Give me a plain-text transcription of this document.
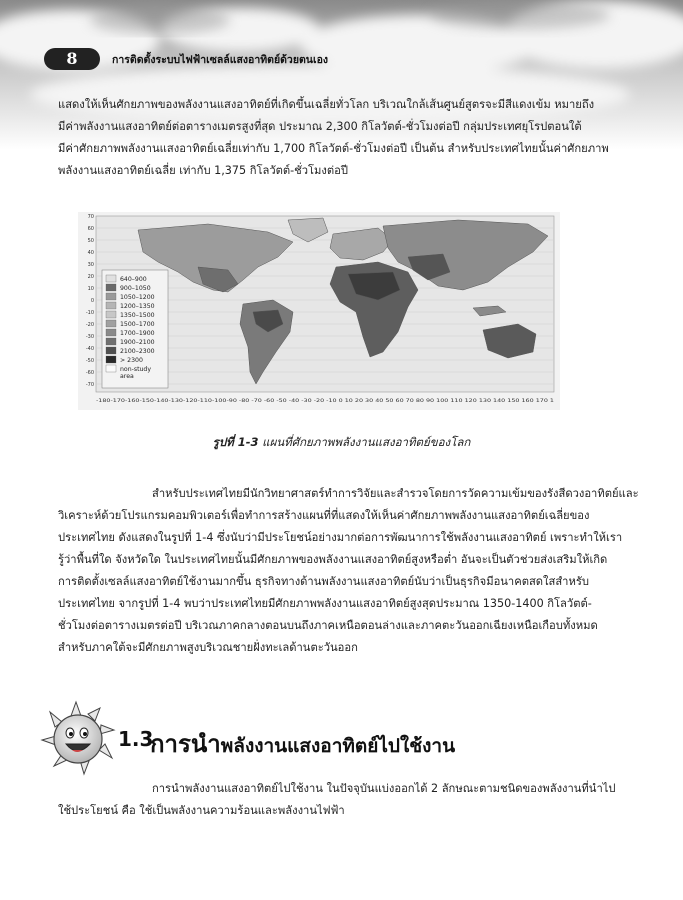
8	การติดตั้งระบบไฟฟ้าเซลล์แสงอาทิตย์ด้วยตนเอง
แสดงให้เห็นศักยภาพของพลังงานแสงอาทิตย์ที่เกิดขึ้นเฉลี่ยทั่วโลก บริเวณใกล้เส้นศูนย์สูตรจะมีสีแดงเข้ม หมายถึง
มีค่าพลังงานแสงอาทิตย์ต่อตารางเมตรสูงที่สุด ประมาณ 2,300 กิโลวัตต์-ชั่วโมงต่อปี กลุ่มประเทศยุโรปตอนใต้
มีค่าศักยภาพพลังงานแสงอาทิตย์เฉลี่ยเท่ากับ 1,700 กิโลวัตต์-ชั่วโมงต่อปี เป็นต้น สำหรับประเทศไทยนั้นค่าศักยภาพ
พลังงานแสงอาทิตย์เฉลี่ย เท่ากับ 1,375 กิโลวัตต์-ชั่วโมงต่อปี
640–900
900–1050
1050–1200
1200–1350
1350–1500
1500–1700
1700–1900
1900–2100
2100–2300
> 2300
non-study
area
70
60
50
40
30
20
10
0
-10
-20
-30
-40
-50
-60
-70
-180-170-160-150-140-130-120-110-100-90 -80 -70 -60 -50 -40 -30 -20 -10 0 10 20 30 40 50 60 70 80 90 100 110 120 130 140 150 160 170 1
รูปที่ 1-3 แผนที่ศักยภาพพลังงานแสงอาทิตย์ของโลก
สำหรับประเทศไทยมีนักวิทยาศาสตร์ทำการวิจัยและสำรวจโดยการวัดความเข้มของรังสีดวงอาทิตย์และ
วิเคราะห์ด้วยโปรแกรมคอมพิวเตอร์เพื่อทำการสร้างแผนที่ที่แสดงให้เห็นค่าศักยภาพพลังงานแสงอาทิตย์เฉลี่ยของ
ประเทศไทย ดังแสดงในรูปที่ 1-4 ซึ่งนับว่ามีประโยชน์อย่างมากต่อการพัฒนาการใช้พลังงานแสงอาทิตย์ เพราะทำให้เรา
รู้ว่าพื้นที่ใด จังหวัดใด ในประเทศไทยนั้นมีศักยภาพของพลังงานแสงอาทิตย์สูงหรือต่ำ อันจะเป็นตัวช่วยส่งเสริมให้เกิด
การติดตั้งเซลล์แสงอาทิตย์ใช้งานมากขึ้น ธุรกิจทางด้านพลังงานแสงอาทิตย์นับว่าเป็นธุรกิจมีอนาคตสดใสสำหรับ
ประเทศไทย จากรูปที่ 1-4 พบว่าประเทศไทยมีศักยภาพพลังงานแสงอาทิตย์สูงสุดประมาณ 1350-1400 กิโลวัตต์-
ชั่วโมงต่อตารางเมตรต่อปี บริเวณภาคกลางตอนบนถึงภาคเหนือตอนล่างและภาคตะวันออกเฉียงเหนือเกือบทั้งหมด
สำหรับภาคใต้จะมีศักยภาพสูงบริเวณชายฝั่งทะเลด้านตะวันออก
1.3
การนำพลังงานแสงอาทิตย์ไปใช้งาน
การนำพลังงานแสงอาทิตย์ไปใช้งาน ในปัจจุบันแบ่งออกได้ 2 ลักษณะตามชนิดของพลังงานที่นำไป
ใช้ประโยชน์ คือ ใช้เป็นพลังงานความร้อนและพลังงานไฟฟ้า
